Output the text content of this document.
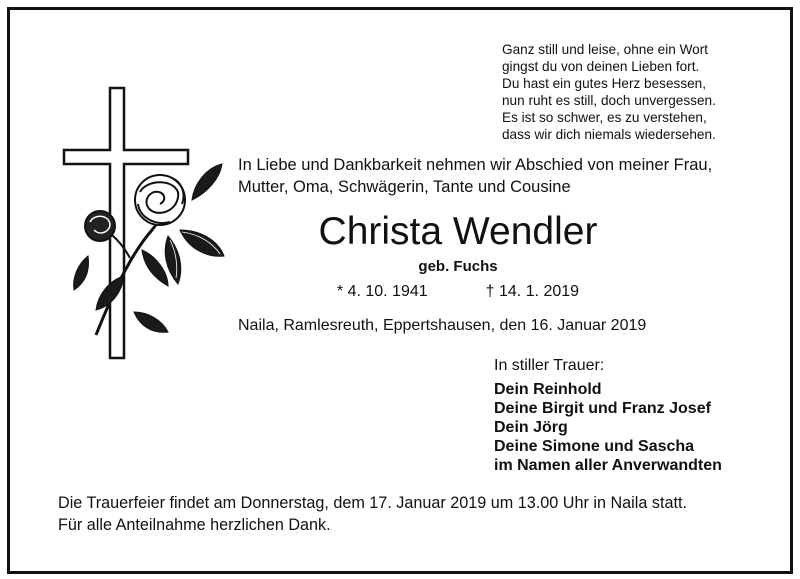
Ganz still und leise, ohne ein Wort
gingst du von deinen Lieben fort.
Du hast ein gutes Herz besessen,
nun ruht es still, doch unvergessen.
Es ist so schwer, es zu verstehen,
dass wir dich niemals wiedersehen.
In Liebe und Dankbarkeit nehmen wir Abschied von meiner Frau,
Mutter, Oma, Schwägerin, Tante und Cousine
Christa Wendler
geb. Fuchs
* 4. 10. 1941	† 14. 1. 2019
Naila, Ramlesreuth, Eppertshausen, den 16. Januar 2019
In stiller Trauer:
Dein Reinhold
Deine Birgit und Franz Josef
Dein Jörg
Deine Simone und Sascha
im Namen aller Anverwandten
Die Trauerfeier findet am Donnerstag, dem 17. Januar 2019 um 13.00 Uhr in Naila statt.
Für alle Anteilnahme herzlichen Dank.
